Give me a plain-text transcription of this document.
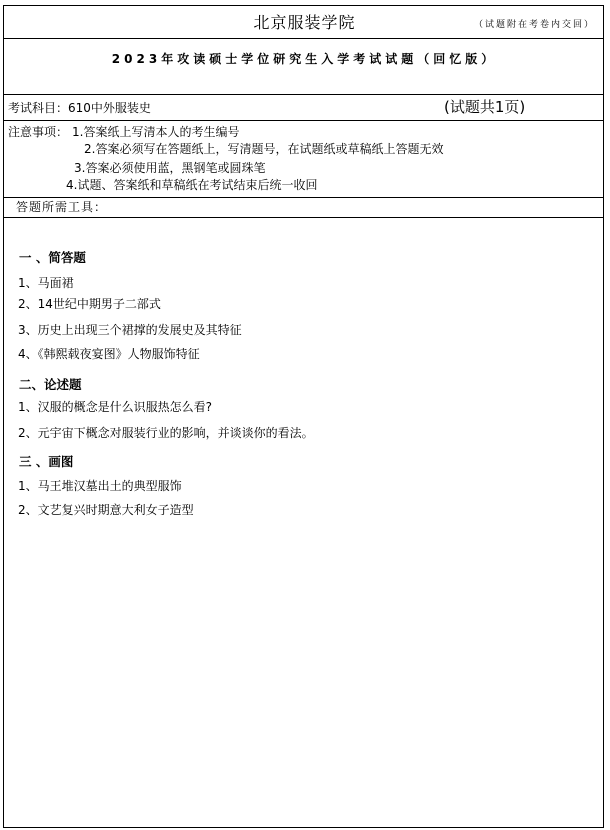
北京服装学院	（试题附在考卷内交回）
2023年攻读硕士学位研究生入学考试试题（回忆版）
考试科目：610中外服装史	(试题共1页)
注意事项： 1.答案纸上写清本人的考生编号
2.答案必须写在答题纸上，写清题号，在试题纸或草稿纸上答题无效
3.答案必须使用蓝，黑钢笔或圆珠笔
4.试题、答案纸和草稿纸在考试结束后统一收回
答题所需工具：
一 、简答题
1、马面裙
2、14世纪中期男子二部式
3、历史上出现三个裙撑的发展史及其特征
4、《韩熙载夜宴图》人物服饰特征
二、论述题
1、汉服的概念是什么识服热怎么看?
2、元宇宙下概念对服装行业的影响，并谈谈你的看法。
三 、画图
1、马王堆汉墓出土的典型服饰
2、文艺复兴时期意大利女子造型
